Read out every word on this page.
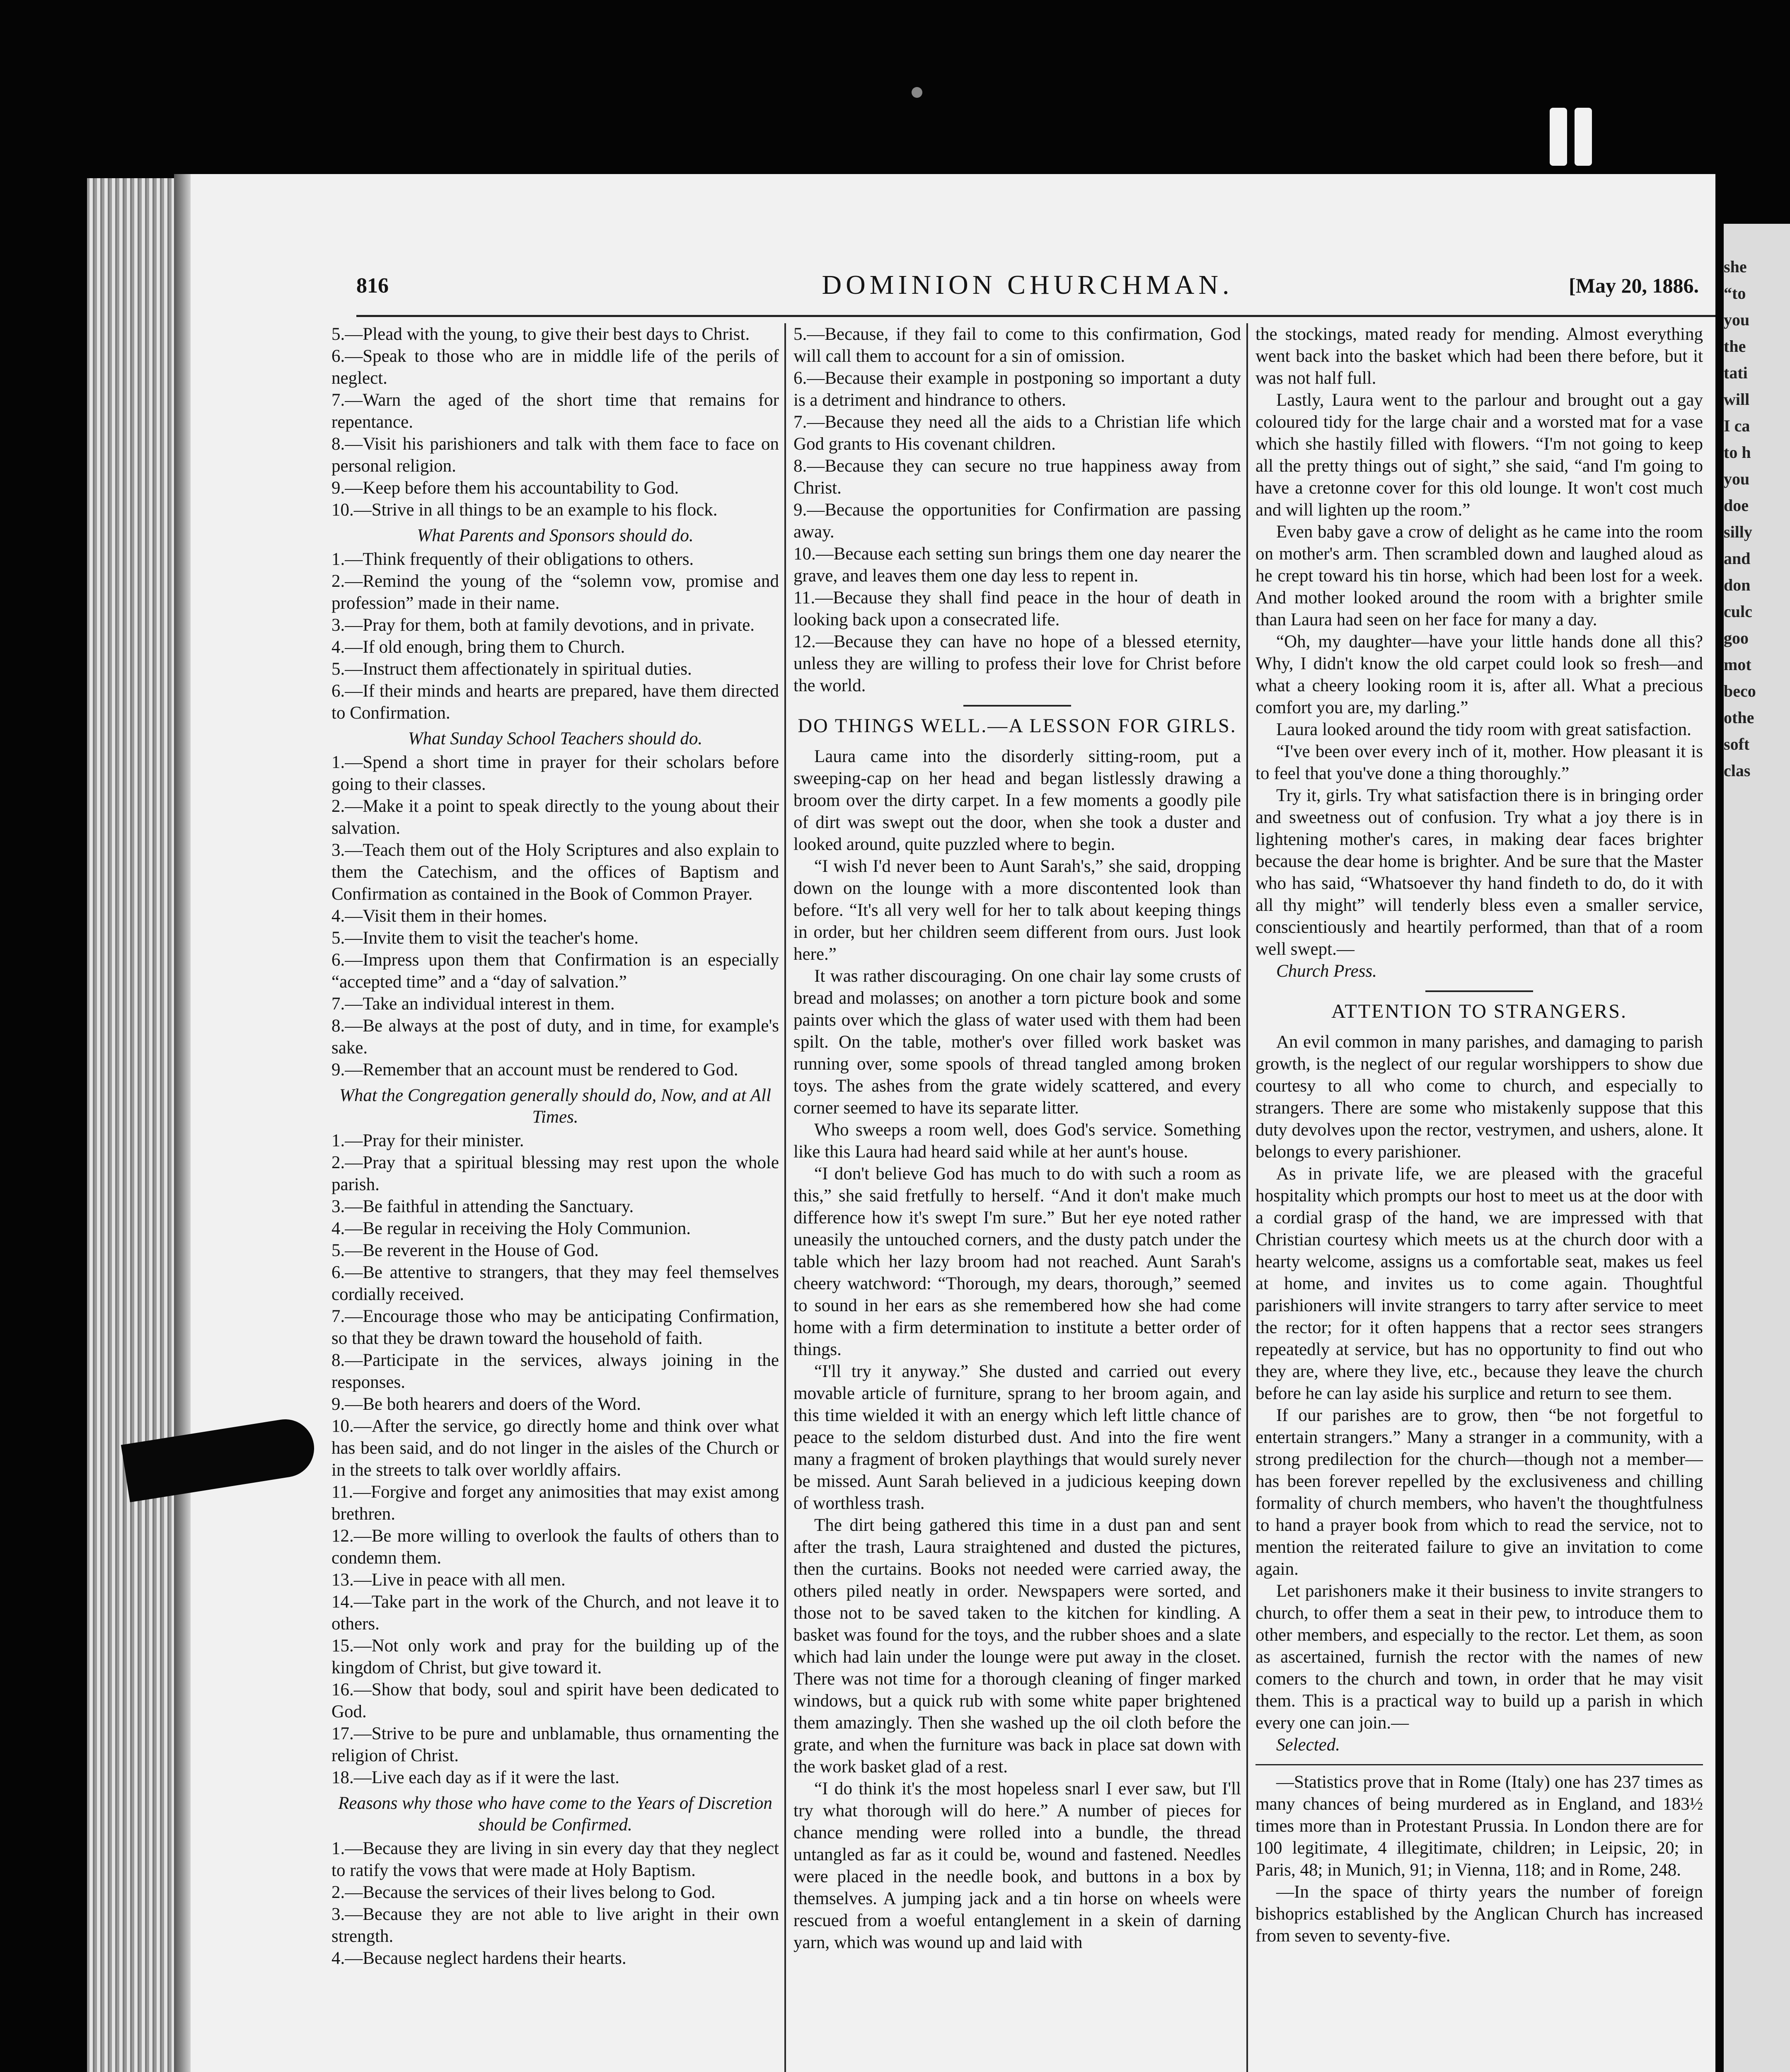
she
“to
you
the
tati
will
I ca
to h
you
doe
silly
and
don
culc
goo
mot
beco
othe
soft
clas
816	DOMINION CHURCHMAN.	[May 20, 1886.

5.—Plead with the young, to give their best days to Christ.

6.—Speak to those who are in middle life of the perils of neglect.

7.—Warn the aged of the short time that remains for repentance.

8.—Visit his parishioners and talk with them face to face on personal religion.

9.—Keep before them his accountability to God.

10.—Strive in all things to be an example to his flock.

What Parents and Sponsors should do.

1.—Think frequently of their obligations to others.

2.—Remind the young of the “solemn vow, promise and profession” made in their name.

3.—Pray for them, both at family devotions, and in private.

4.—If old enough, bring them to Church.

5.—Instruct them affectionately in spiritual duties.

6.—If their minds and hearts are prepared, have them directed to Confirmation.

What Sunday School Teachers should do.

1.—Spend a short time in prayer for their scholars before going to their classes.

2.—Make it a point to speak directly to the young about their salvation.

3.—Teach them out of the Holy Scriptures and also explain to them the Catechism, and the offices of Baptism and Confirmation as contained in the Book of Common Prayer.

4.—Visit them in their homes.

5.—Invite them to visit the teacher's home.

6.—Impress upon them that Confirmation is an especially “accepted time” and a “day of salvation.”

7.—Take an individual interest in them.

8.—Be always at the post of duty, and in time, for example's sake.

9.—Remember that an account must be rendered to God.

What the Congregation generally should do, Now, and at All Times.

1.—Pray for their minister.

2.—Pray that a spiritual blessing may rest upon the whole parish.

3.—Be faithful in attending the Sanctuary.

4.—Be regular in receiving the Holy Communion.

5.—Be reverent in the House of God.

6.—Be attentive to strangers, that they may feel themselves cordially received.

7.—Encourage those who may be anticipating Confirmation, so that they be drawn toward the household of faith.

8.—Participate in the services, always joining in the responses.

9.—Be both hearers and doers of the Word.

10.—After the service, go directly home and think over what has been said, and do not linger in the aisles of the Church or in the streets to talk over worldly affairs.

11.—Forgive and forget any animosities that may exist among brethren.

12.—Be more willing to overlook the faults of others than to condemn them.

13.—Live in peace with all men.

14.—Take part in the work of the Church, and not leave it to others.

15.—Not only work and pray for the building up of the kingdom of Christ, but give toward it.

16.—Show that body, soul and spirit have been dedicated to God.

17.—Strive to be pure and unblamable, thus ornamenting the religion of Christ.

18.—Live each day as if it were the last.

Reasons why those who have come to the Years of Discretion should be Confirmed.

1.—Because they are living in sin every day that they neglect to ratify the vows that were made at Holy Baptism.

2.—Because the services of their lives belong to God.

3.—Because they are not able to live aright in their own strength.

4.—Because neglect hardens their hearts.

5.—Because, if they fail to come to this confirmation, God will call them to account for a sin of omission.

6.—Because their example in postponing so important a duty is a detriment and hindrance to others.

7.—Because they need all the aids to a Christian life which God grants to His covenant children.

8.—Because they can secure no true happiness away from Christ.

9.—Because the opportunities for Confirmation are passing away.

10.—Because each setting sun brings them one day nearer the grave, and leaves them one day less to repent in.

11.—Because they shall find peace in the hour of death in looking back upon a consecrated life.

12.—Because they can have no hope of a blessed eternity, unless they are willing to profess their love for Christ before the world.

DO THINGS WELL.—A LESSON FOR GIRLS.

Laura came into the disorderly sitting-room, put a sweeping-cap on her head and began listlessly drawing a broom over the dirty carpet. In a few moments a goodly pile of dirt was swept out the door, when she took a duster and looked around, quite puzzled where to begin.

“I wish I'd never been to Aunt Sarah's,” she said, dropping down on the lounge with a more discontented look than before. “It's all very well for her to talk about keeping things in order, but her children seem different from ours. Just look here.”

It was rather discouraging. On one chair lay some crusts of bread and molasses; on another a torn picture book and some paints over which the glass of water used with them had been spilt. On the table, mother's over filled work basket was running over, some spools of thread tangled among broken toys. The ashes from the grate widely scattered, and every corner seemed to have its separate litter.

Who sweeps a room well, does God's service. Something like this Laura had heard said while at her aunt's house.

“I don't believe God has much to do with such a room as this,” she said fretfully to herself. “And it don't make much difference how it's swept I'm sure.” But her eye noted rather uneasily the untouched corners, and the dusty patch under the table which her lazy broom had not reached. Aunt Sarah's cheery watchword: “Thorough, my dears, thorough,” seemed to sound in her ears as she remembered how she had come home with a firm determination to institute a better order of things.

“I'll try it anyway.” She dusted and carried out every movable article of furniture, sprang to her broom again, and this time wielded it with an energy which left little chance of peace to the seldom disturbed dust. And into the fire went many a fragment of broken playthings that would surely never be missed. Aunt Sarah believed in a judicious keeping down of worthless trash.

The dirt being gathered this time in a dust pan and sent after the trash, Laura straightened and dusted the pictures, then the curtains. Books not needed were carried away, the others piled neatly in order. Newspapers were sorted, and those not to be saved taken to the kitchen for kindling. A basket was found for the toys, and the rubber shoes and a slate which had lain under the lounge were put away in the closet. There was not time for a thorough cleaning of finger marked windows, but a quick rub with some white paper brightened them amazingly. Then she washed up the oil cloth before the grate, and when the furniture was back in place sat down with the work basket glad of a rest.

“I do think it's the most hopeless snarl I ever saw, but I'll try what thorough will do here.” A number of pieces for chance mending were rolled into a bundle, the thread untangled as far as it could be, wound and fastened. Needles were placed in the needle book, and buttons in a box by themselves. A jumping jack and a tin horse on wheels were rescued from a woeful entanglement in a skein of darning yarn, which was wound up and laid with

the stockings, mated ready for mending. Almost everything went back into the basket which had been there before, but it was not half full.

Lastly, Laura went to the parlour and brought out a gay coloured tidy for the large chair and a worsted mat for a vase which she hastily filled with flowers. “I'm not going to keep all the pretty things out of sight,” she said, “and I'm going to have a cretonne cover for this old lounge. It won't cost much and will lighten up the room.”

Even baby gave a crow of delight as he came into the room on mother's arm. Then scrambled down and laughed aloud as he crept toward his tin horse, which had been lost for a week. And mother looked around the room with a brighter smile than Laura had seen on her face for many a day.

“Oh, my daughter—have your little hands done all this? Why, I didn't know the old carpet could look so fresh—and what a cheery looking room it is, after all. What a precious comfort you are, my darling.”

Laura looked around the tidy room with great satisfaction.

“I've been over every inch of it, mother. How pleasant it is to feel that you've done a thing thoroughly.”

Try it, girls. Try what satisfaction there is in bringing order and sweetness out of confusion. Try what a joy there is in lightening mother's cares, in making dear faces brighter because the dear home is brighter. And be sure that the Master who has said, “Whatsoever thy hand findeth to do, do it with all thy might” will tenderly bless even a smaller service, conscientiously and heartily performed, than that of a room well swept.—

Church Press.

ATTENTION TO STRANGERS.

An evil common in many parishes, and damaging to parish growth, is the neglect of our regular worshippers to show due courtesy to all who come to church, and especially to strangers. There are some who mistakenly suppose that this duty devolves upon the rector, vestrymen, and ushers, alone. It belongs to every parishioner.

As in private life, we are pleased with the graceful hospitality which prompts our host to meet us at the door with a cordial grasp of the hand, we are impressed with that Christian courtesy which meets us at the church door with a hearty welcome, assigns us a comfortable seat, makes us feel at home, and invites us to come again. Thoughtful parishioners will invite strangers to tarry after service to meet the rector; for it often happens that a rector sees strangers repeatedly at service, but has no opportunity to find out who they are, where they live, etc., because they leave the church before he can lay aside his surplice and return to see them.

If our parishes are to grow, then “be not forgetful to entertain strangers.” Many a stranger in a community, with a strong predilection for the church—though not a member—has been forever repelled by the exclusiveness and chilling formality of church members, who haven't the thoughtfulness to hand a prayer book from which to read the service, not to mention the reiterated failure to give an invitation to come again.

Let parishoners make it their business to invite strangers to church, to offer them a seat in their pew, to introduce them to other members, and especially to the rector. Let them, as soon as ascertained, furnish the rector with the names of new comers to the church and town, in order that he may visit them. This is a practical way to build up a parish in which every one can join.—

Selected.

—Statistics prove that in Rome (Italy) one has 237 times as many chances of being murdered as in England, and 183½ times more than in Protestant Prussia. In London there are for 100 legitimate, 4 illegitimate, children; in Leipsic, 20; in Paris, 48; in Munich, 91; in Vienna, 118; and in Rome, 248.

—In the space of thirty years the number of foreign bishoprics established by the Anglican Church has increased from seven to seventy-five.
